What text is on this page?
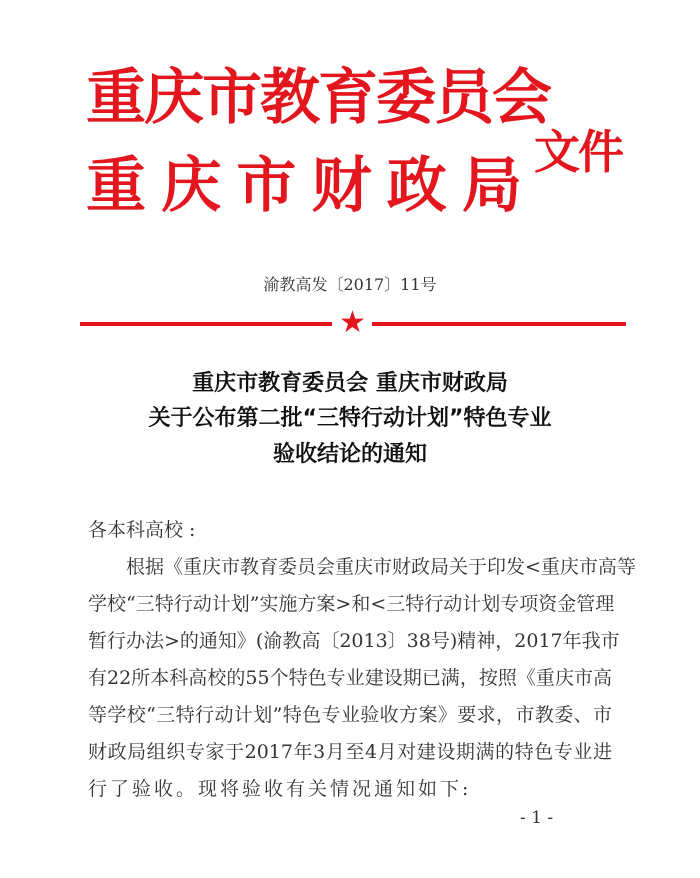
重庆市教育委员会
重庆市财政局 文件
渝教高发〔2017〕11号
★
重庆市教育委员会 重庆市财政局
关于公布第二批“三特行动计划”特色专业
验收结论的通知
各本科高校 :
　　根据《重庆市教育委员会重庆市财政局关于印发<重庆市高等
学校“三特行动计划”实施方案>和<三特行动计划专项资金管理
暂行办法>的通知》(渝教高〔2013〕38号)精神，2017年我市
有22所本科高校的55个特色专业建设期已满，按照《重庆市高
等学校“三特行动计划”特色专业验收方案》要求，市教委、市
财政局组织专家于2017年3月至4月对建设期满的特色专业进
行了验收。现将验收有关情况通知如下:
- 1 -
